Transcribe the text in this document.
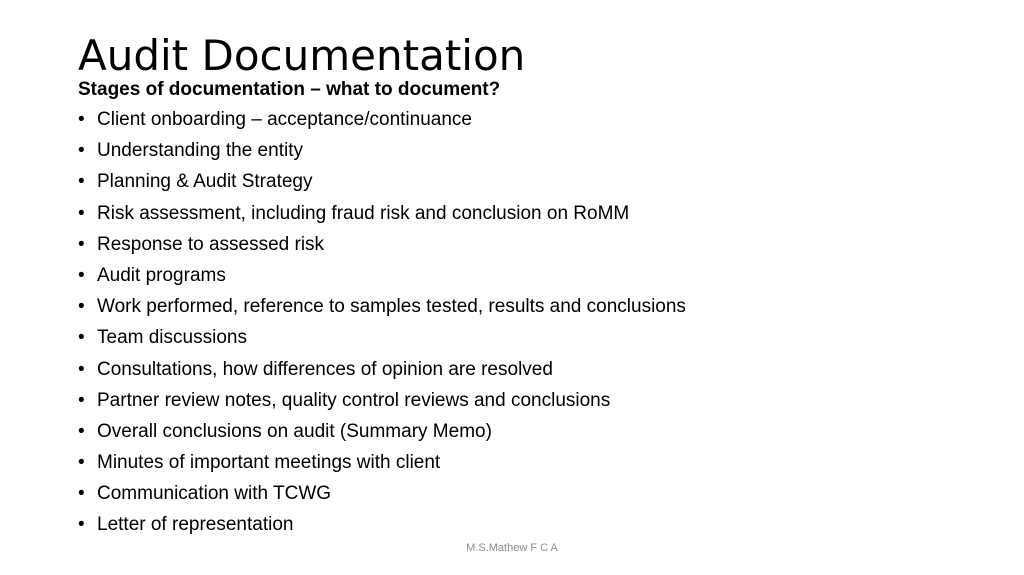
Audit Documentation
Stages of documentation – what to document?
• Client onboarding – acceptance/continuance
• Understanding the entity
• Planning & Audit Strategy
• Risk assessment, including fraud risk and conclusion on RoMM
• Response to assessed risk
• Audit programs
• Work performed, reference to samples tested, results and conclusions
• Team discussions
• Consultations, how differences of opinion are resolved
• Partner review notes, quality control reviews and conclusions
• Overall conclusions on audit (Summary Memo)
• Minutes of important meetings with client
• Communication with TCWG
• Letter of representation
M.S.Mathew F C A
